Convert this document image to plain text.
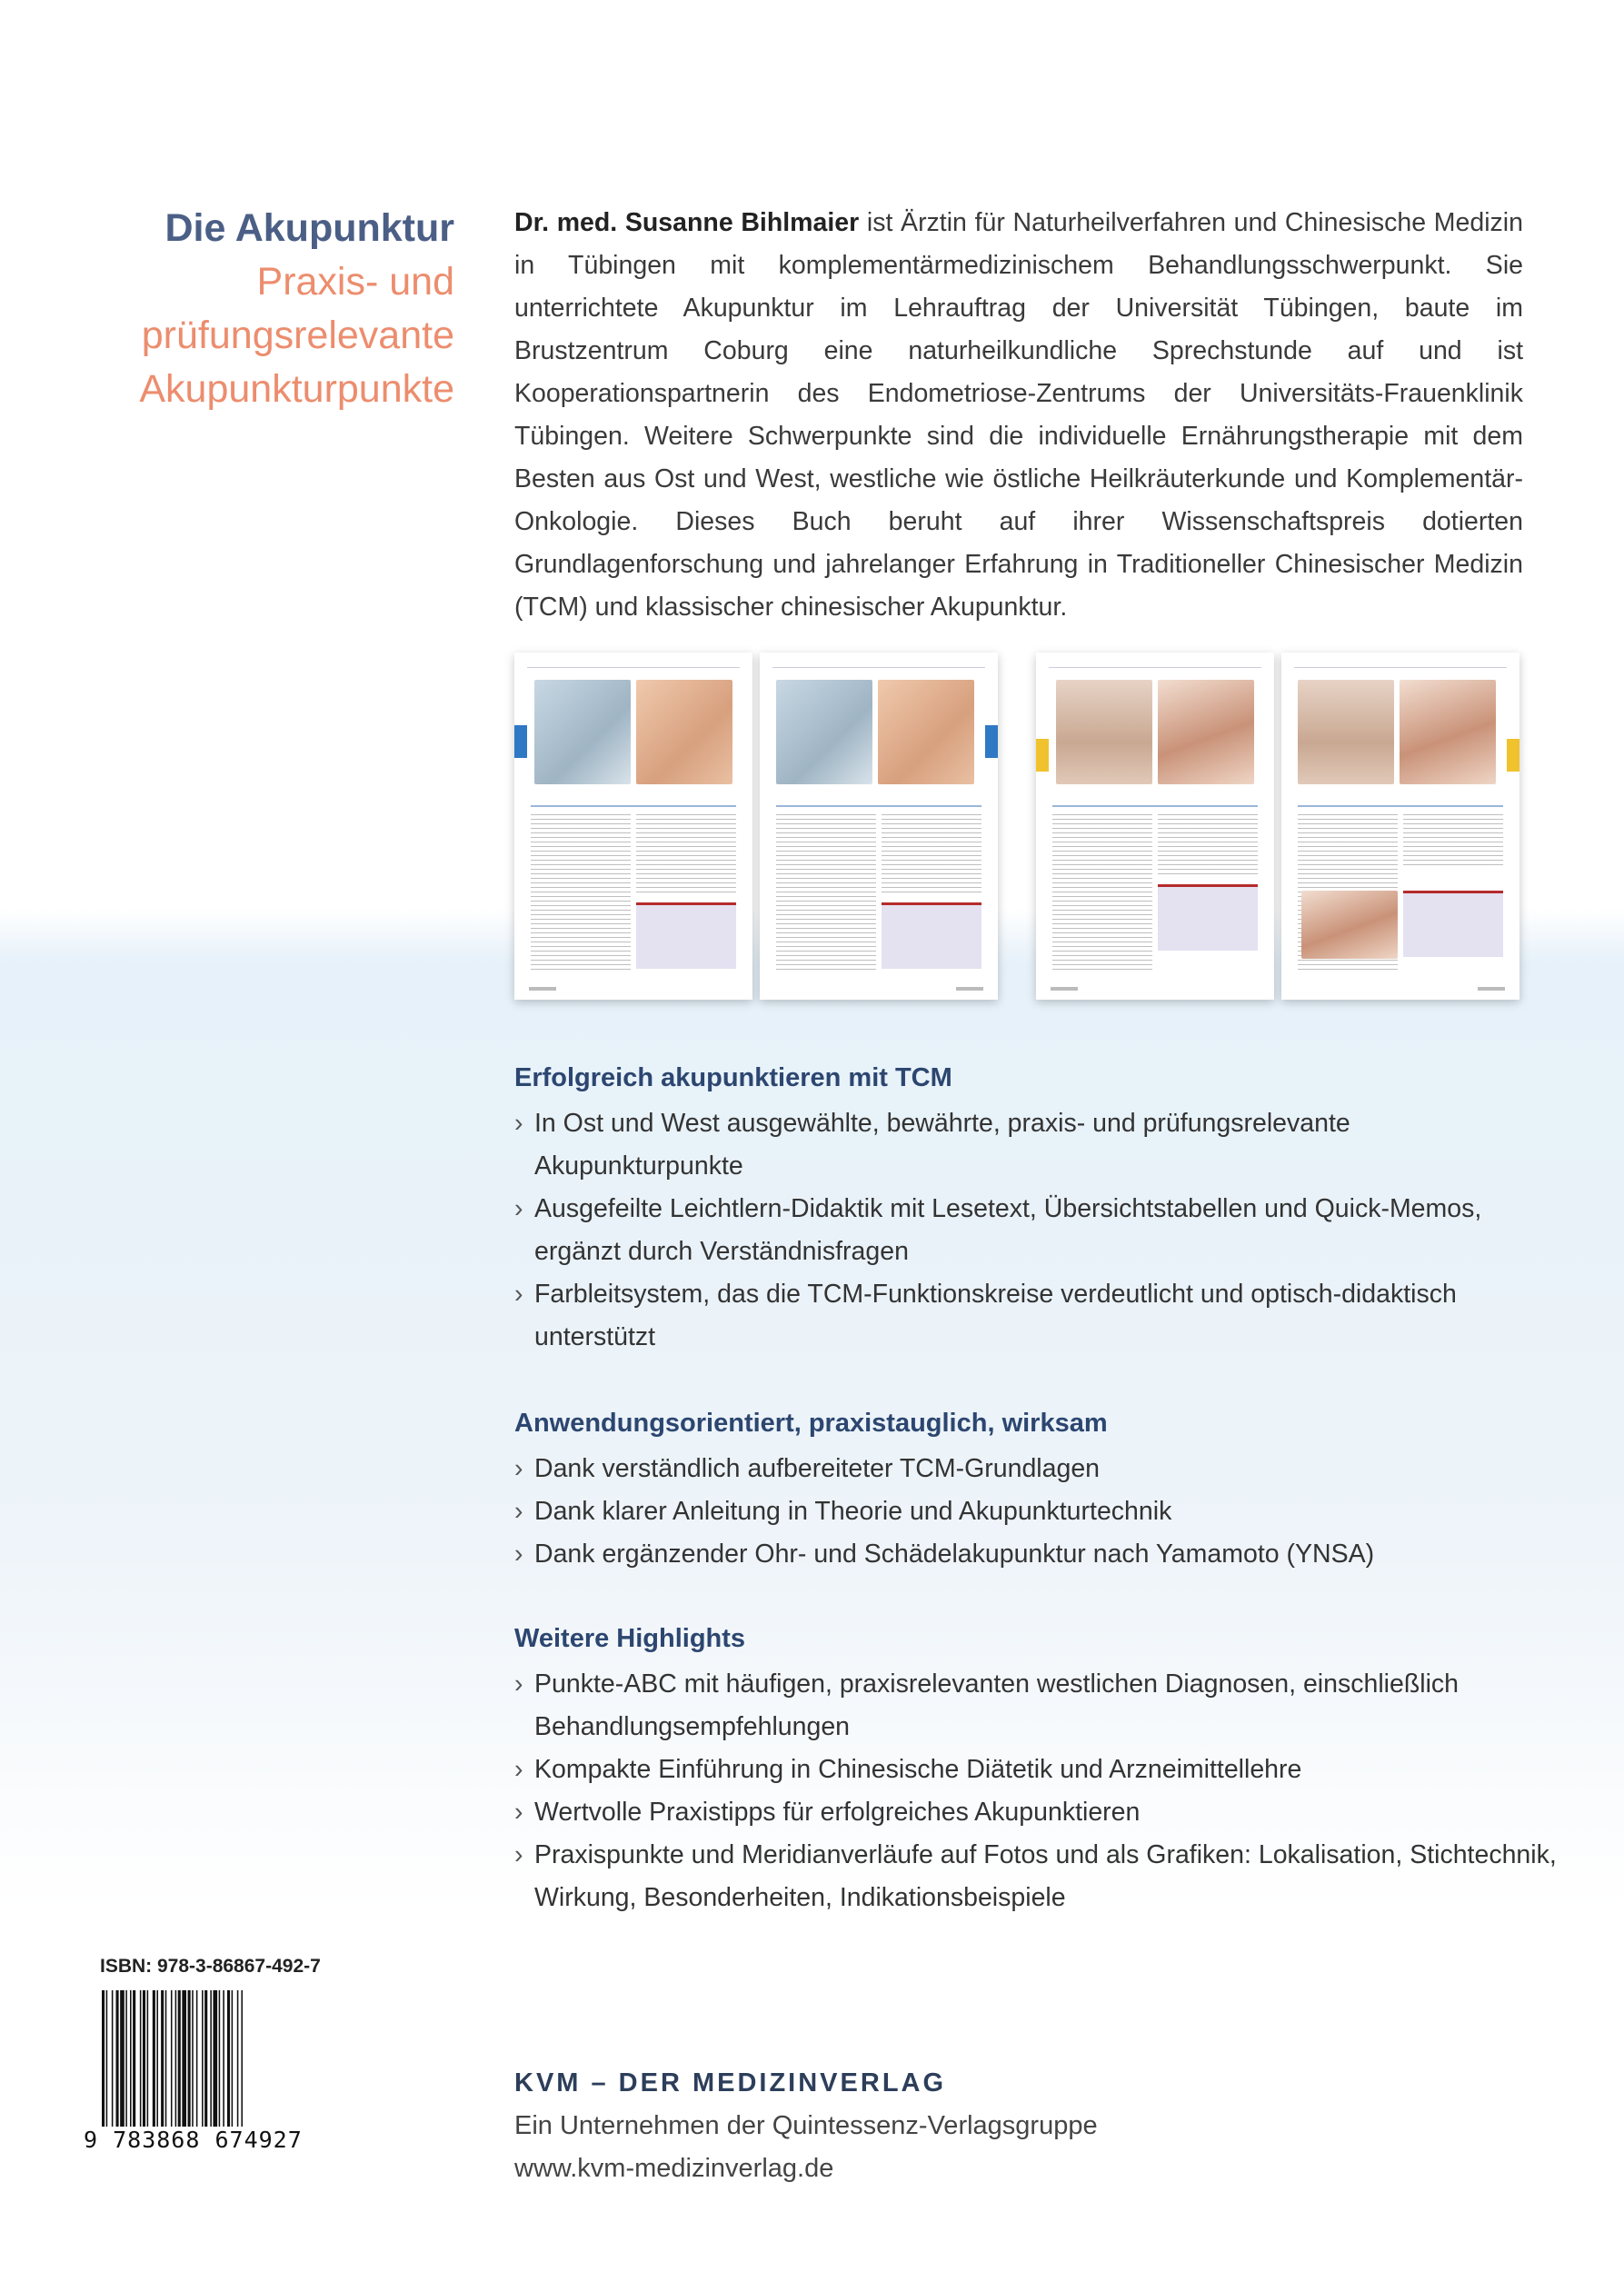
Die Akupunktur
Praxis- und
prüfungsrelevante
Akupunkturpunkte
Dr. med. Susanne Bihlmaier ist Ärztin für Naturheilverfahren und Chinesische Medizin in Tübingen mit komplementärmedizinischem Behandlungsschwerpunkt. Sie unterrichtete Akupunktur im Lehrauftrag der Universität Tübingen, baute im Brustzentrum Coburg eine naturheilkundliche Sprechstunde auf und ist Kooperationspartnerin des Endometriose-Zentrums der Universitäts-Frauenklinik Tübingen. Weitere Schwerpunkte sind die individuelle Ernährungstherapie mit dem Besten aus Ost und West, westliche wie östliche Heilkräuterkunde und Komplementär-Onkologie. Dieses Buch beruht auf ihrer Wissenschaftspreis dotierten Grundlagenforschung und jahrelanger Erfahrung in Traditioneller Chinesischer Medizin (TCM) und klassischer chinesischer Akupunktur.
Erfolgreich akupunktieren mit TCM
› In Ost und West ausgewählte, bewährte, praxis- und prüfungsrelevante Akupunkturpunkte
› Ausgefeilte Leichtlern-Didaktik mit Lesetext, Übersichtstabellen und Quick-Memos, ergänzt durch Verständnisfragen
› Farbleitsystem, das die TCM-Funktionskreise verdeutlicht und optisch-didaktisch unterstützt
Anwendungsorientiert, praxistauglich, wirksam
› Dank verständlich aufbereiteter TCM-Grundlagen
› Dank klarer Anleitung in Theorie und Akupunkturtechnik
› Dank ergänzender Ohr- und Schädelakupunktur nach Yamamoto (YNSA)
Weitere Highlights
› Punkte-ABC mit häufigen, praxisrelevanten westlichen Diagnosen, einschließlich Behandlungsempfehlungen
› Kompakte Einführung in Chinesische Diätetik und Arzneimittellehre
› Wertvolle Praxistipps für erfolgreiches Akupunktieren
› Praxispunkte und Meridianverläufe auf Fotos und als Grafiken: Lokalisation, Stichtechnik, Wirkung, Besonderheiten, Indikationsbeispiele
ISBN: 978-3-86867-492-7
9 783868 674927
KVM – DER MEDIZINVERLAG
Ein Unternehmen der Quintessenz-Verlagsgruppe
www.kvm-medizinverlag.de
